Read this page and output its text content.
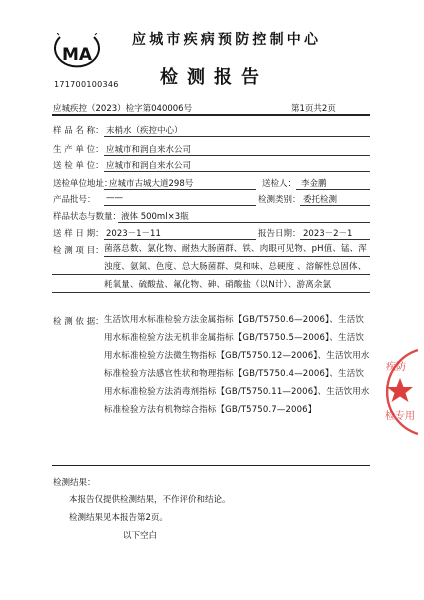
MA
171700100346
应城市疾病预防控制中心
检测报告
应城疾控（2023）检字第040006号	第1页共2页
样 品 名 称： 末梢水（疾控中心）
生 产 单 位： 应城市和润自来水公司
送 检 单 位： 应城市和润自来水公司
送检单位地址：
应城市古城大道298号	送检人： 李金鹏
产品批号： ——	检测类别： 委托检测
样品状态与数量： 液体 500ml×3瓶
送 样 日 期： 2023－1－11	报告日期： 2023－2－1
检 测 项 目： 菌落总数、氯化物、耐热大肠菌群、铁、肉眼可见物、pH值、锰、浑浊度、氨氮、色度、总大肠菌群、臭和味、总硬度 、溶解性总固体、耗氧量、硫酸盐、氟化物、砷、硝酸盐（以N计）、游离余氯
检 测 依 据： 生活饮用水标准检验方法金属指标【GB/T5750.6—2006】、生活饮用水标准检验方法无机非金属指标【GB/T5750.5—2006】、生活饮用水标准检验方法微生物指标【GB/T5750.12—2006】、生活饮用水标准检验方法感官性状和物理指标【GB/T5750.4—2006】、生活饮用水标准检验方法消毒剂指标【GB/T5750.11—2006】、生活饮用水标准检验方法有机物综合指标【GB/T5750.7—2006】
检测结果：
本报告仅提供检测结果，不作评价和结论。
检测结果见本报告第2页。
以下空白
疾防
检专用
